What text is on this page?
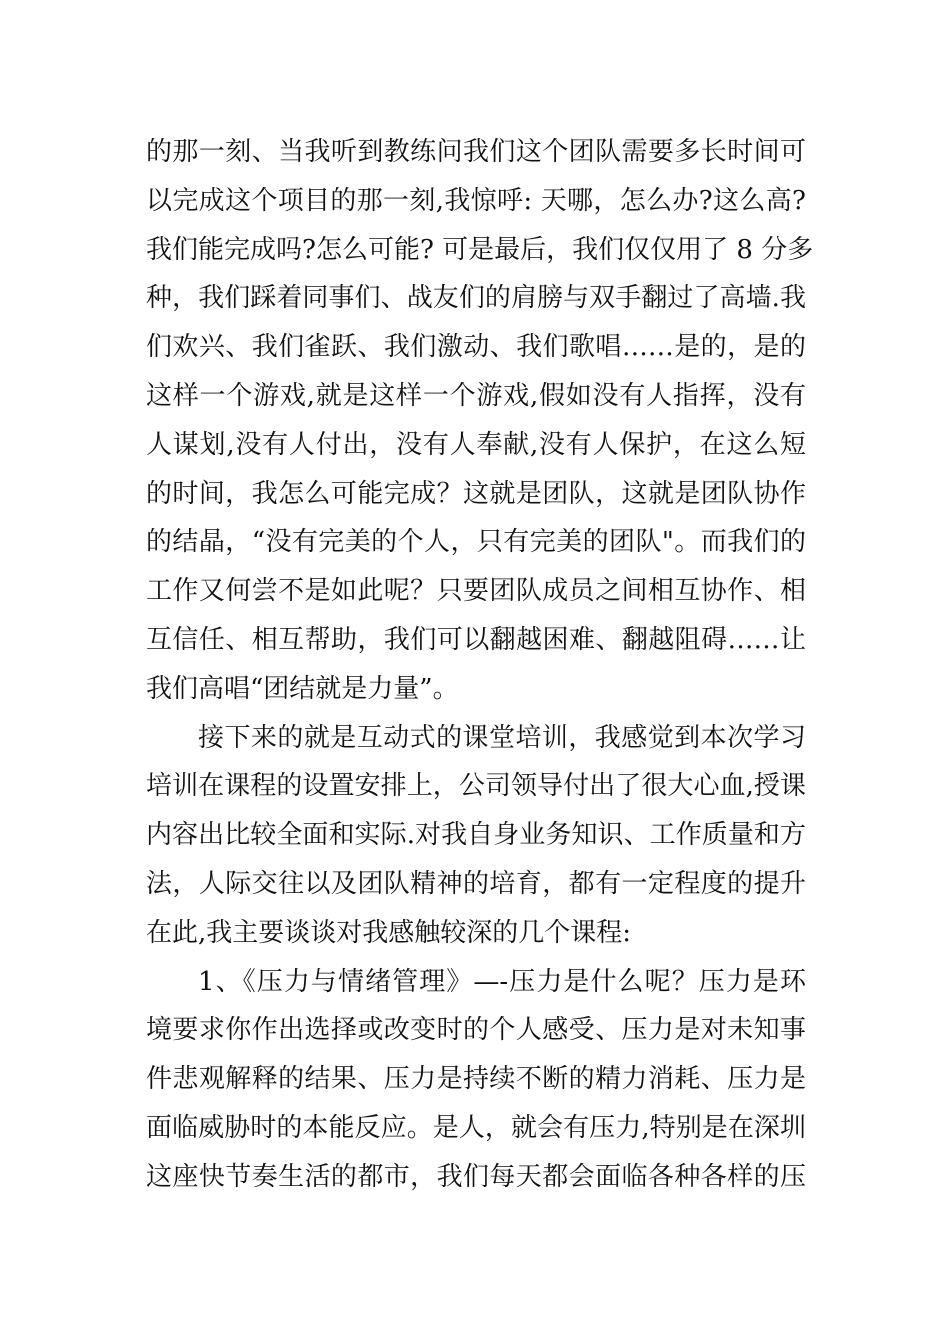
的那一刻、当我听到教练问我们这个团队需要多长时间可
以完成这个项目的那一刻,我惊呼: 天哪，怎么办?这么高?
我们能完成吗?怎么可能? 可是最后，我们仅仅用了 8 分多
种，我们踩着同事们、战友们的肩膀与双手翻过了高墙.我
们欢兴、我们雀跃、我们激动、我们歌唱……是的，是的
这样一个游戏,就是这样一个游戏,假如没有人指挥，没有
人谋划,没有人付出，没有人奉献,没有人保护，在这么短
的时间，我怎么可能完成？这就是团队，这就是团队协作
的结晶，“没有完美的个人，只有完美的团队"。而我们的
工作又何尝不是如此呢？只要团队成员之间相互协作、相
互信任、相互帮助，我们可以翻越困难、翻越阻碍……让
我们高唱“团结就是力量”。
接下来的就是互动式的课堂培训，我感觉到本次学习
培训在课程的设置安排上，公司领导付出了很大心血,授课
内容出比较全面和实际.对我自身业务知识、工作质量和方
法，人际交往以及团队精神的培育，都有一定程度的提升
在此,我主要谈谈对我感触较深的几个课程:
1、《压力与情绪管理》—-压力是什么呢？压力是环
境要求你作出选择或改变时的个人感受、压力是对未知事
件悲观解释的结果、压力是持续不断的精力消耗、压力是
面临威胁时的本能反应。是人，就会有压力,特别是在深圳
这座快节奏生活的都市，我们每天都会面临各种各样的压
